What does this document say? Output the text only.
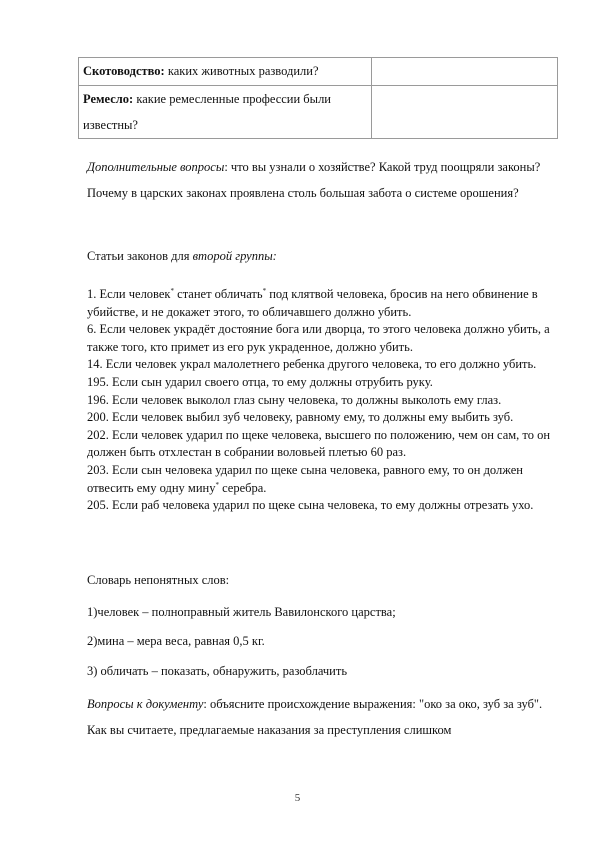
Скотоводство: каких животных разводили?	
Ремесло: какие ремесленные профессии были известны?	
Дополнительные вопросы: что вы узнали о хозяйстве? Какой труд поощряли законы? Почему в царских законах проявлена столь большая забота о системе орошения?
Статьи законов для второй группы:
1. Если человек* станет обличать* под клятвой человека, бросив на него обвинение в убийстве, и не докажет этого, то обличавшего должно убить.
6. Если человек украдёт достояние бога или дворца, то этого человека должно убить, а также того, кто примет из его рук украденное, должно убить.
14. Если человек украл малолетнего ребенка другого человека, то его должно убить.
195. Если сын ударил своего отца, то ему должны отрубить руку.
196. Если человек выколол глаз сыну человека, то должны выколоть ему глаз.
200. Если человек выбил зуб человеку, равному ему, то должны ему выбить зуб.
202. Если человек ударил по щеке человека, высшего по положению, чем он сам, то он должен быть отхлестан в собрании воловьей плетью 60 раз.
203. Если сын человека ударил по щеке сына человека, равного ему, то он должен отвесить ему одну мину* серебра.
205. Если раб человека ударил по щеке сына человека, то ему должны отрезать ухо.
Словарь непонятных слов:
1)человек – полноправный житель Вавилонского царства;
2)мина – мера веса, равная 0,5 кг.
3) обличать – показать, обнаружить, разоблачить
Вопросы к документу: объясните происхождение выражения: "око за око, зуб за зуб". Как вы считаете, предлагаемые наказания за преступления слишком
5
